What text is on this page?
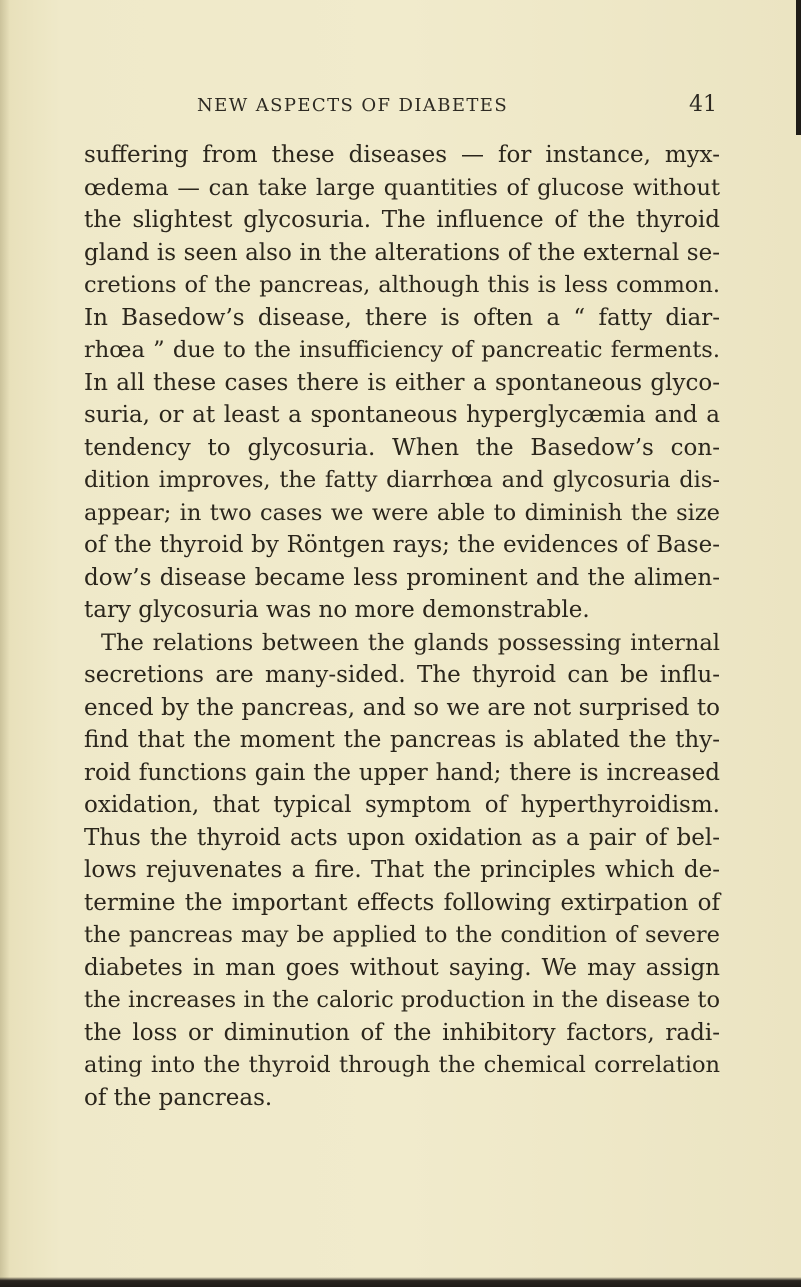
NEW ASPECTS OF DIABETES	41
suffering from these diseases — for instance, myx-
œdema — can take large quantities of glucose without
the slightest glycosuria. The influence of the thyroid
gland is seen also in the alterations of the external se-
cretions of the pancreas, although this is less common.
In Basedow’s disease, there is often a “ fatty diar-
rhœa ” due to the insufficiency of pancreatic ferments.
In all these cases there is either a spontaneous glyco-
suria, or at least a spontaneous hyperglycæmia and a
tendency to glycosuria. When the Basedow’s con-
dition improves, the fatty diarrhœa and glycosuria dis-
appear; in two cases we were able to diminish the size
of the thyroid by Röntgen rays; the evidences of Base-
dow’s disease became less prominent and the alimen-
tary glycosuria was no more demonstrable.
The relations between the glands possessing internal
secretions are many-sided. The thyroid can be influ-
enced by the pancreas, and so we are not surprised to
find that the moment the pancreas is ablated the thy-
roid functions gain the upper hand; there is increased
oxidation, that typical symptom of hyperthyroidism.
Thus the thyroid acts upon oxidation as a pair of bel-
lows rejuvenates a fire. That the principles which de-
termine the important effects following extirpation of
the pancreas may be applied to the condition of severe
diabetes in man goes without saying. We may assign
the increases in the caloric production in the disease to
the loss or diminution of the inhibitory factors, radi-
ating into the thyroid through the chemical correlation
of the pancreas.
